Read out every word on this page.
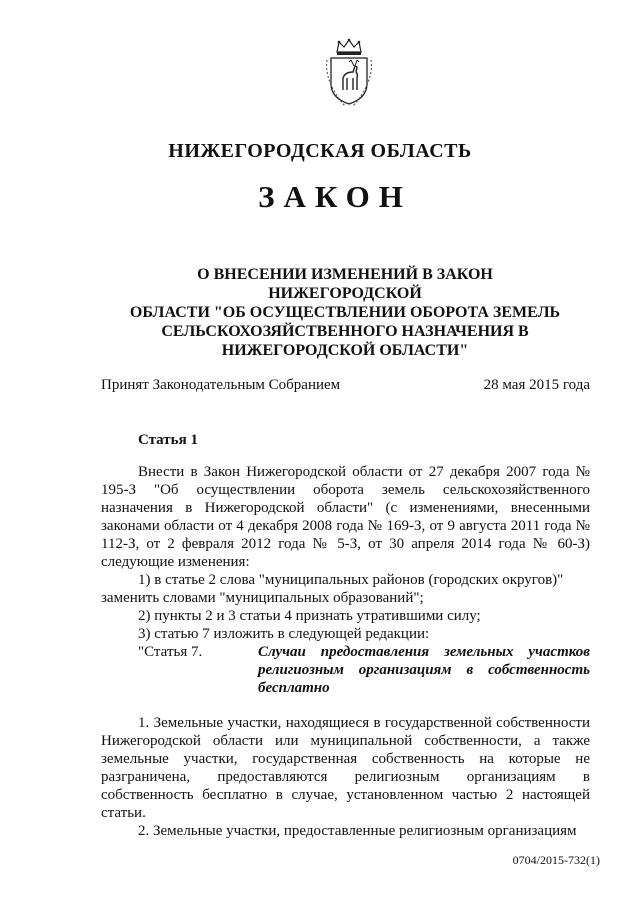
НИЖЕГОРОДСКАЯ ОБЛАСТЬ
ЗАКОН
О ВНЕСЕНИИ ИЗМЕНЕНИЙ В ЗАКОН НИЖЕГОРОДСКОЙ
ОБЛАСТИ "ОБ ОСУЩЕСТВЛЕНИИ ОБОРОТА ЗЕМЕЛЬ
СЕЛЬСКОХОЗЯЙСТВЕННОГО НАЗНАЧЕНИЯ В
НИЖЕГОРОДСКОЙ ОБЛАСТИ"
Принят Законодательным Собранием	28 мая 2015 года
Статья 1

Внести в Закон Нижегородской области от 27 декабря 2007 года № 195-З "Об осуществлении оборота земель сельскохозяйственного назначения в Нижегородской области" (с изменениями, внесенными законами области от 4 декабря 2008 года № 169-З, от 9 августа 2011 года № 112-З, от 2 февраля 2012 года № 5-З, от 30 апреля 2014 года № 60-З) следующие изменения:

1) в статье 2 слова "муниципальных районов (городских округов)"

заменить словами "муниципальных образований";

2) пункты 2 и 3 статьи 4 признать утратившими силу;

3) статью 7 изложить в следующей редакции:

"Статья 7.	Случаи предоставления земельных участков религиозным организациям в собственность бесплатно

1. Земельные участки, находящиеся в государственной собственности Нижегородской области или муниципальной собственности, а также земельные участки, государственная собственность на которые не разграничена, предоставляются религиозным организациям в собственность бесплатно в случае, установленном частью 2 настоящей статьи.

2. Земельные участки, предоставленные религиозным организациям

0704/2015-732(1)
